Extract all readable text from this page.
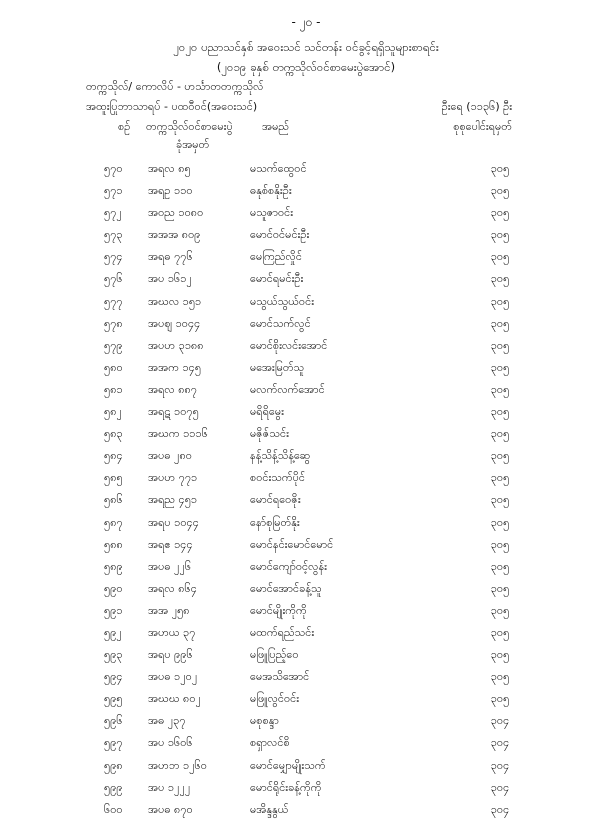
- ၂၀ -
၂၀၂၀ ပညာသင်နှစ် အဝေးသင် သင်တန်း ဝင်ခွင့်ရရှိသူများစာရင်း
(၂၀၁၉ ခုနှစ် တက္ကသိုလ်ဝင်စာမေးပွဲအောင်)
တက္ကသိုလ်/ ကောလိပ် - ဟင်္သာတတက္ကသိုလ်
အထူးပြုဘာသာရပ် - ပထဝီဝင်(အဝေးသင်)	ဦးရေ (၁၁၃၆) ဦး
စဉ် တက္ကသိုလ်ဝင်စာမေးပွဲ	အမည်	စုစုပေါင်းရမှတ်
ခုံအမှတ်
၅၇၀	အရလ ၈၅	မသက်ထွေဝင်	၃၀၅
၅၇၁	အရဥ ၁၁၀	ဓနုစ်စနိုးဦး	၃၀၅
၅၇၂	အဝည ၁၀၈၀	မသူဇာဝင်း	၃၀၅
၅၇၃	အအအ ၈၀၉	မောင်ဝင်မင်းဦး	၃၀၅
၅၇၄	အရဓ ၇၇၆	မေကြည်လှိုင်	၃၀၅
၅၇၆	အပ ၁၆၁၂	မောင်ရမင်းဦး	၃၀၅
၅၇၇	အဃလ ၁၅၁	မသွယ်သွယ်ဝင်း	၃၀၅
၅၇၈	အပဈ ၁၀၄၄	မောင်သက်လွင်	၃၀၅
၅၇၉	အပဟ ၃၁၈၈	မောင်စိုးလင်းအောင်	၃၀၅
၅၈၀	အအက ၁၄၅	မအေးမြတ်သူ	၃၀၅
၅၈၁	အရလ ၈၈၇	မလက်လက်အောင်	၃၀၅
၅၈၂	အရဋ ၁၀၇၅	မရိရိမွေး	၃၀၅
၅၈၃	အဃက ၁၁၁၆	မဇိုဇ်သင်း	၃၀၅
၅၈၄	အပဓ ၂၈၀	နန့်သိန့်သိန့်ဆွေ	၃၀၅
၅၈၅	အပဟ ၇၇၁	စဝင်းသက်ပိုင်	၃၀၅
၅၈၆	အရည ၄၅၁	မောင်ရဝေဇိုး	၃၀၅
၅၈၇	အရပ ၁၀၄၄	နော်စုမြတ်နိုး	၃၀၅
၅၈၈	အရဧ ၁၄၄	မောင်နင်းမောင်မောင်	၃၀၅
၅၈၉	အပဓ ၂၂၆	မောင်ကျော်ဝင့်လွန်း	၃၀၅
၅၉၀	အရလ ၈၆၄	မောင်အောင်ခန့်သူ	၃၀၅
၅၉၁	အအ ၂၅၈	မောင်မျိုးကိုကို	၃၀၅
၅၉၂	အဟယ ၃၇	မထက်ရည်သင်း	၃၀၅
၅၉၃	အရပ ၉၉၆	မဖြူပြည့်ဝေ	၃၀၅
၅၉၄	အပဓ ၁၂၀၂	မေအသိအောင်	၃၀၅
၅၉၅	အဃဃ ၈၀၂	မဖြူလွင်ဝင်း	၃၀၅
၅၉၆	အဓ ၂၃၇	မစုစန္ဒာ	၃၀၄
၅၉၇	အပ ၁၆၀၆	စရှာလင်စိ	၃၀၄
၅၉၈	အဟဘ ၁၂၆၀	မောင်မျှောမျိုးသက်	၃၀၄
၅၉၉	အပ ၁၂၂၂	မောင်ရိုင်းခန့်ကိုကို	၃၀၄
၆၀၀	အပဓ ၈၇၀	မအိန္ဒနွယ်	၃၀၄
